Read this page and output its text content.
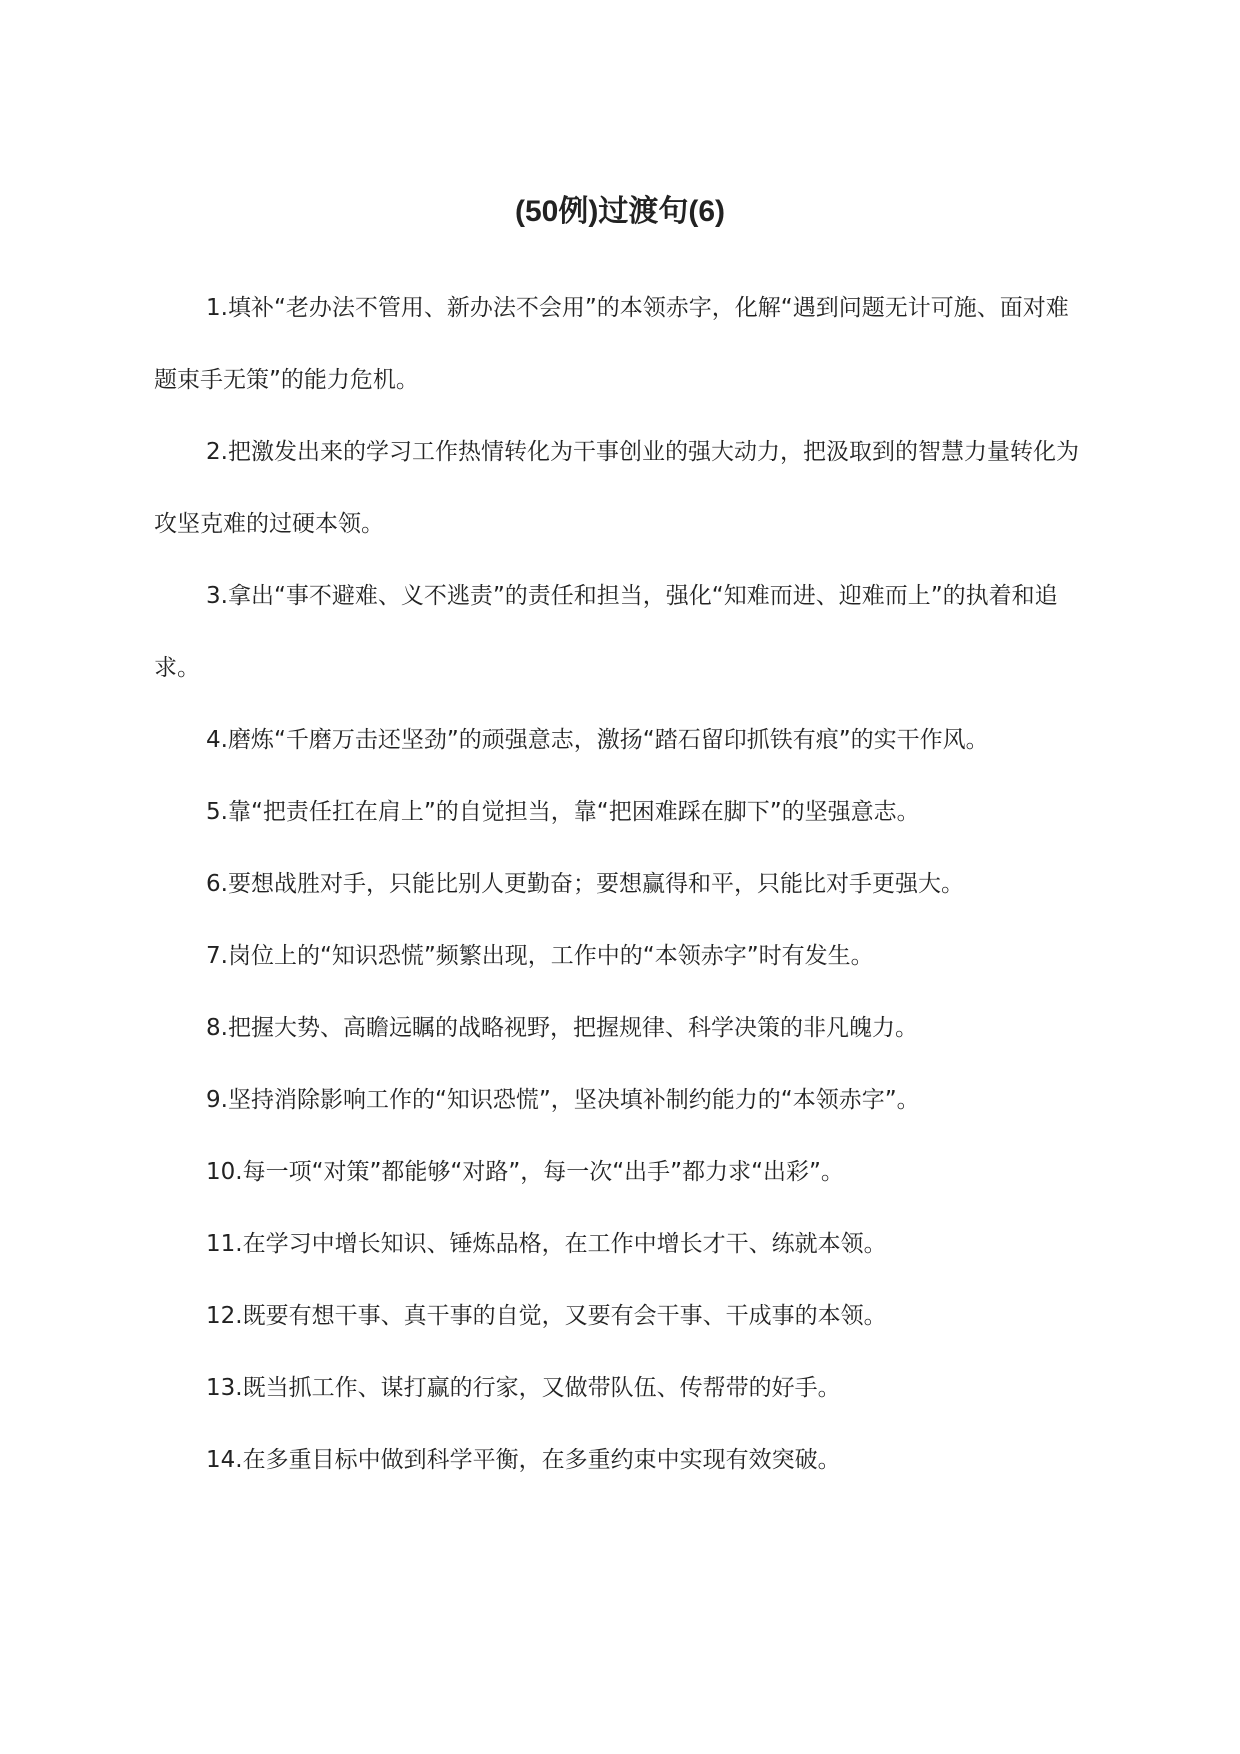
(50例)过渡句(6)
1.填补“老办法不管用、新办法不会用”的本领赤字，化解“遇到问题无计可施、面对难题束手无策”的能力危机。
2.把激发出来的学习工作热情转化为干事创业的强大动力，把汲取到的智慧力量转化为攻坚克难的过硬本领。
3.拿出“事不避难、义不逃责”的责任和担当，强化“知难而进、迎难而上”的执着和追求。
4.磨炼“千磨万击还坚劲”的顽强意志，激扬“踏石留印抓铁有痕”的实干作风。
5.靠“把责任扛在肩上”的自觉担当，靠“把困难踩在脚下”的坚强意志。
6.要想战胜对手，只能比别人更勤奋；要想赢得和平，只能比对手更强大。
7.岗位上的“知识恐慌”频繁出现，工作中的“本领赤字”时有发生。
8.把握大势、高瞻远瞩的战略视野，把握规律、科学决策的非凡魄力。
9.坚持消除影响工作的“知识恐慌”，坚决填补制约能力的“本领赤字”。
10.每一项“对策”都能够“对路”，每一次“出手”都力求“出彩”。
11.在学习中增长知识、锤炼品格，在工作中增长才干、练就本领。
12.既要有想干事、真干事的自觉，又要有会干事、干成事的本领。
13.既当抓工作、谋打赢的行家，又做带队伍、传帮带的好手。
14.在多重目标中做到科学平衡，在多重约束中实现有效突破。
